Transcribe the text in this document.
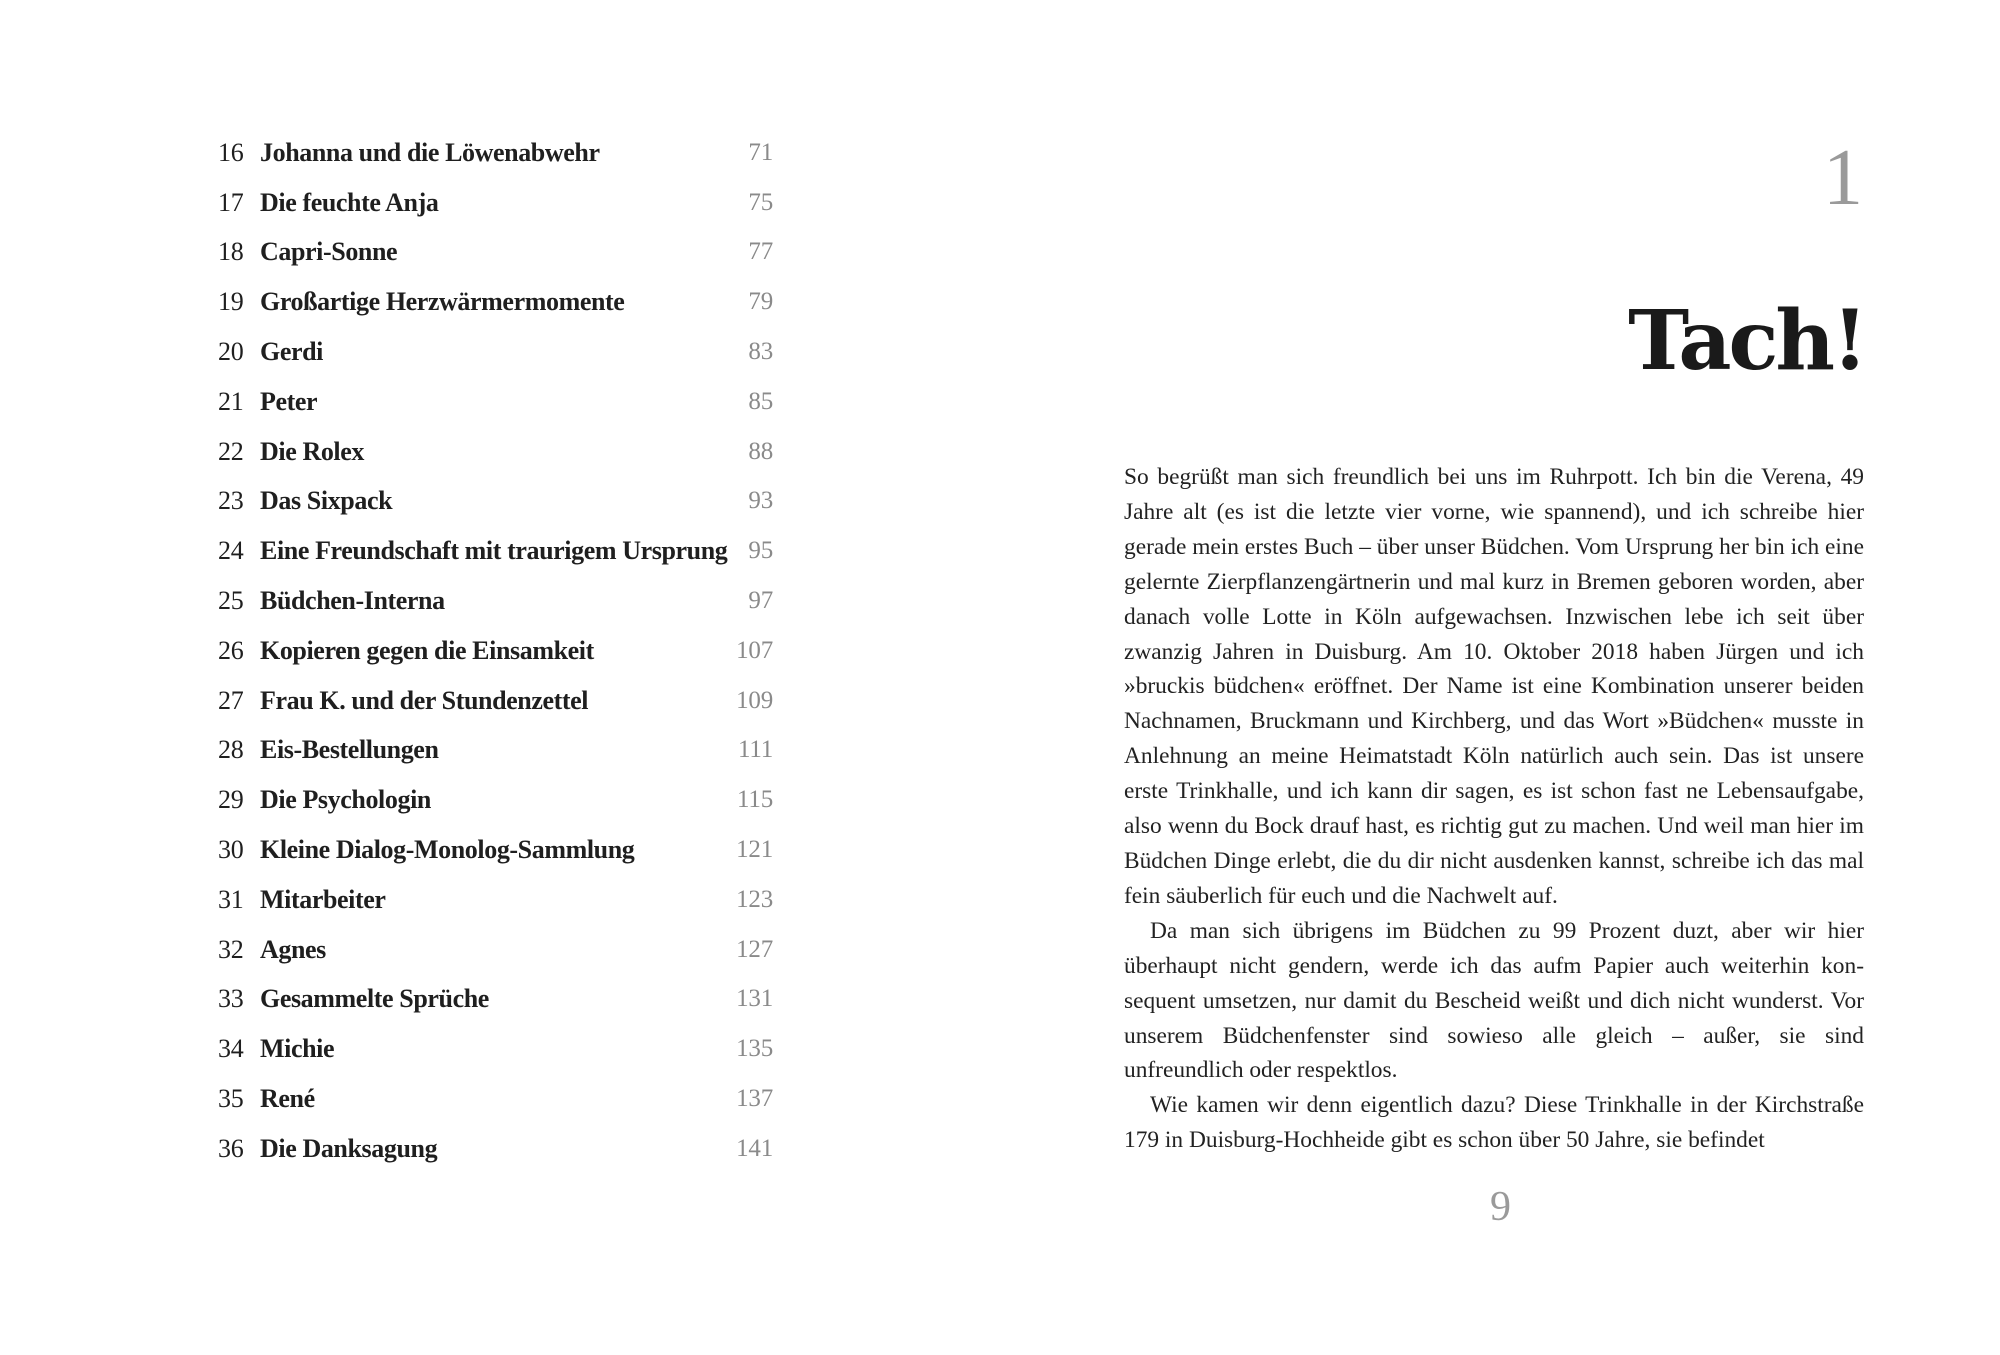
16 Johanna und die Löwenabwehr	71
17 Die feuchte Anja	75
18 Capri-Sonne	77
19 Großartige Herzwärmermomente	79
20 Gerdi	83
21 Peter	85
22 Die Rolex	88
23 Das Sixpack	93
24 Eine Freundschaft mit traurigem Ursprung 95
25 Büdchen-Interna	97
26 Kopieren gegen die Einsamkeit	107
27 Frau K. und der Stundenzettel	109
28 Eis-Bestellungen	111
29 Die Psychologin	115
30 Kleine Dialog-Monolog-Sammlung	121
31 Mitarbeiter	123
32 Agnes	127
33 Gesammelte Sprüche	131
34 Michie	135
35 René	137
36 Die Danksagung	141
1
Tach!

So begrüßt man sich freundlich bei uns im Ruhrpott. Ich bin die Verena, 49 Jahre alt (es ist die letzte vier vorne, wie spannend), und ich schreibe hier gerade mein erstes Buch – über unser Büdchen. Vom Ursprung her bin ich eine gelernte Zierpflanzengärtnerin und mal kurz in Bremen geboren worden, aber danach volle Lotte in Köln aufgewachsen. Inzwischen lebe ich seit über zwanzig Jahren in Duisburg. Am 10. Oktober 2018 haben Jürgen und ich »bruckis büdchen« eröffnet. Der Name ist eine Kombination unserer beiden Nachnamen, Bruckmann und Kirchberg, und das Wort »Büdchen« musste in Anlehnung an meine Heimatstadt Köln natürlich auch sein. Das ist unsere erste Trinkhalle, und ich kann dir sagen, es ist schon fast ne Lebensaufgabe, also wenn du Bock drauf hast, es richtig gut zu machen. Und weil man hier im Büdchen Dinge erlebt, die du dir nicht ausdenken kannst, schreibe ich das mal fein säuberlich für euch und die Nachwelt auf.

Da man sich übrigens im Büdchen zu 99 Prozent duzt, aber wir hier überhaupt nicht gendern, werde ich das aufm Papier auch weiterhin konsequent umsetzen, nur damit du Bescheid weißt und dich nicht wunderst. Vor unserem Büdchenfenster sind sowieso alle gleich – außer, sie sind unfreundlich oder respektlos.

Wie kamen wir denn eigentlich dazu? Diese Trinkhalle in der Kirchstraße 179 in Duisburg-Hochheide gibt es schon über 50 Jahre, sie befindet

9
